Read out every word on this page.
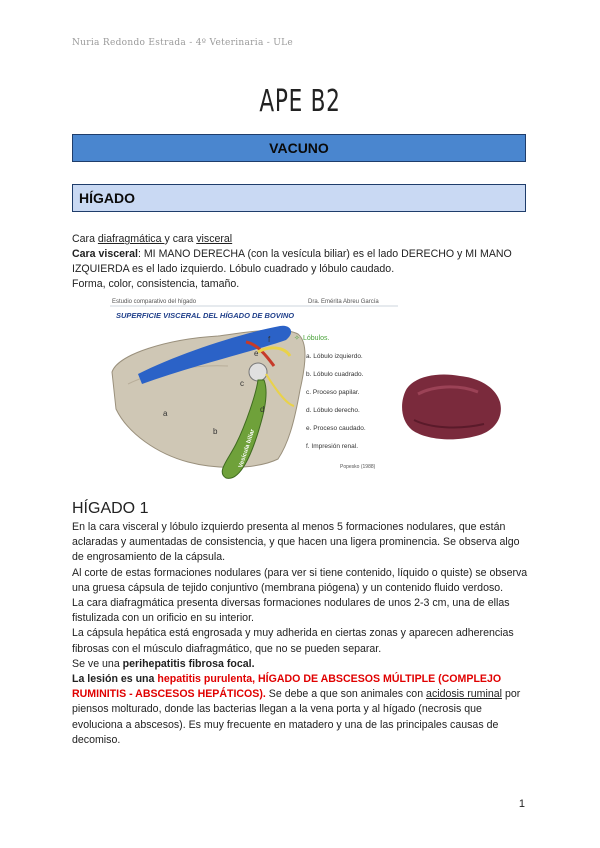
Nuria Redondo Estrada - 4º Veterinaria - ULe
APE B2
VACUNO
HÍGADO

Cara diafragmática y cara visceral

Cara visceral: MI MANO DERECHA (con la vesícula biliar) es el lado DERECHO y MI MANO IZQUIERDA es el lado izquierdo. Lóbulo cuadrado y lóbulo caudado.

Forma, color, consistencia, tamaño.

Estudio comparativo del hígado	Dra. Emérita Abreu García
SUPERFICIE VISCERAL DEL HÍGADO DE BOVINO
Vesícula biliar
a
b
c
d
e
f	✧ Lóbulos.
a. Lóbulo izquierdo.
b. Lóbulo cuadrado.
c. Proceso papilar.
d. Lóbulo derecho.
e. Proceso caudado.
f. Impresión renal.
Popesko (1988)
HÍGADO 1

En la cara visceral y lóbulo izquierdo presenta al menos 5 formaciones nodulares, que están aclaradas y aumentadas de consistencia, y que hacen una ligera prominencia. Se observa algo de engrosamiento de la cápsula.

Al corte de estas formaciones nodulares (para ver si tiene contenido, líquido o quiste) se observa una gruesa cápsula de tejido conjuntivo (membrana piógena) y un contenido fluido verdoso.

La cara diafragmática presenta diversas formaciones nodulares de unos 2-3 cm, una de ellas fistulizada con un orificio en su interior.

La cápsula hepática está engrosada y muy adherida en ciertas zonas y aparecen adherencias fibrosas con el músculo diafragmático, que no se pueden separar.

Se ve una perihepatitis fibrosa focal.

La lesión es una hepatitis purulenta, HÍGADO DE ABSCESOS MÚLTIPLE (COMPLEJO RUMINITIS - ABSCESOS HEPÁTICOS). Se debe a que son animales con acidosis ruminal por piensos molturado, donde las bacterias llegan a la vena porta y al hígado (necrosis que evoluciona a abscesos). Es muy frecuente en matadero y una de las principales causas de decomiso.

1
